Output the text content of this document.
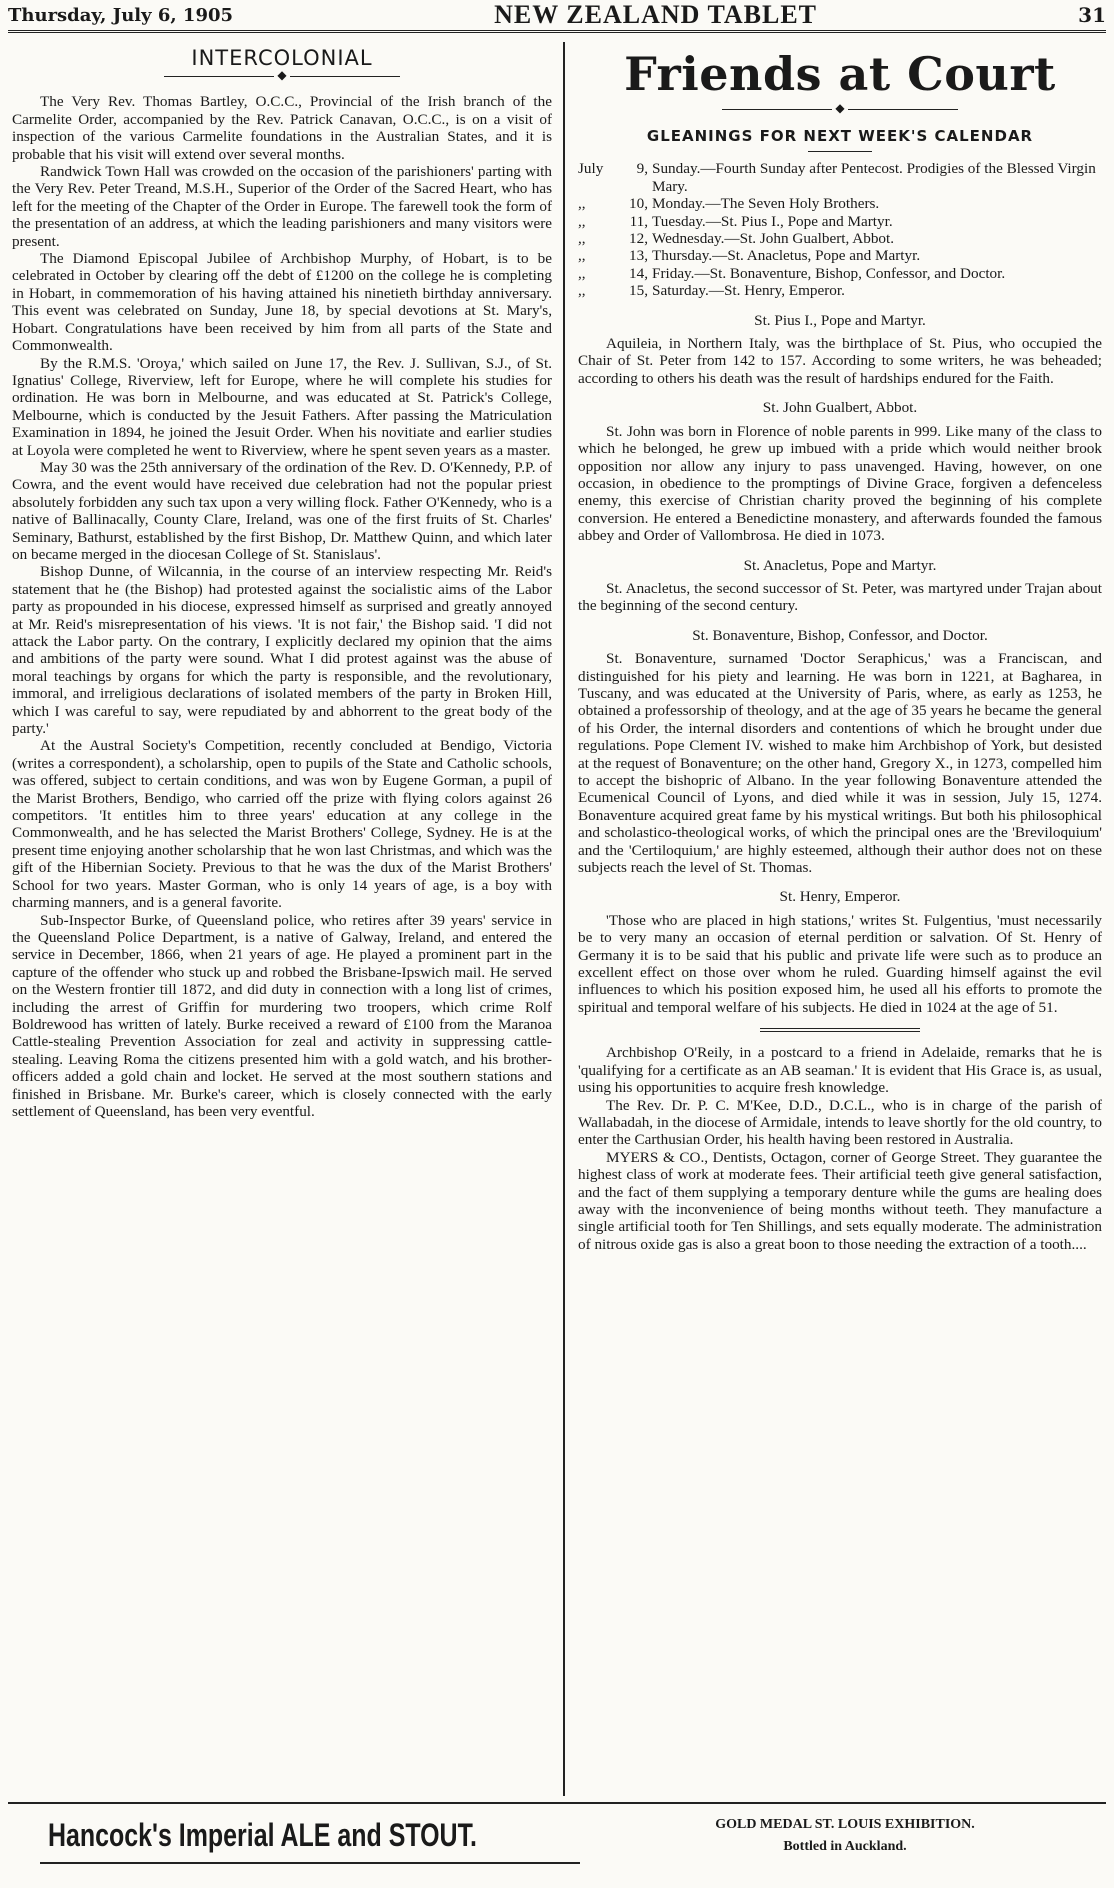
Thursday, July 6, 1905	NEW ZEALAND TABLET	31
INTERCOLONIAL
◆

The Very Rev. Thomas Bartley, O.C.C., Provincial of the Irish branch of the Carmelite Order, accompanied by the Rev. Patrick Canavan, O.C.C., is on a visit of inspection of the various Carmelite foundations in the Australian States, and it is probable that his visit will extend over several months.

Randwick Town Hall was crowded on the occasion of the parishioners' parting with the Very Rev. Peter Treand, M.S.H., Superior of the Order of the Sacred Heart, who has left for the meeting of the Chapter of the Order in Europe. The farewell took the form of the presentation of an address, at which the leading parishioners and many visitors were present.

The Diamond Episcopal Jubilee of Archbishop Murphy, of Hobart, is to be celebrated in October by clearing off the debt of £1200 on the college he is completing in Hobart, in commemoration of his having attained his ninetieth birthday anniversary. This event was celebrated on Sunday, June 18, by special devotions at St. Mary's, Hobart. Congratulations have been received by him from all parts of the State and Commonwealth.

By the R.M.S. 'Oroya,' which sailed on June 17, the Rev. J. Sullivan, S.J., of St. Ignatius' College, Riverview, left for Europe, where he will complete his studies for ordination. He was born in Melbourne, and was educated at St. Patrick's College, Melbourne, which is conducted by the Jesuit Fathers. After passing the Matriculation Examination in 1894, he joined the Jesuit Order. When his novitiate and earlier studies at Loyola were completed he went to Riverview, where he spent seven years as a master.

May 30 was the 25th anniversary of the ordination of the Rev. D. O'Kennedy, P.P. of Cowra, and the event would have received due celebration had not the popular priest absolutely forbidden any such tax upon a very willing flock. Father O'Kennedy, who is a native of Ballinacally, County Clare, Ireland, was one of the first fruits of St. Charles' Seminary, Bathurst, established by the first Bishop, Dr. Matthew Quinn, and which later on became merged in the diocesan College of St. Stanislaus'.

Bishop Dunne, of Wilcannia, in the course of an interview respecting Mr. Reid's statement that he (the Bishop) had protested against the socialistic aims of the Labor party as propounded in his diocese, expressed himself as surprised and greatly annoyed at Mr. Reid's misrepresentation of his views. 'It is not fair,' the Bishop said. 'I did not attack the Labor party. On the contrary, I explicitly declared my opinion that the aims and ambitions of the party were sound. What I did protest against was the abuse of moral teachings by organs for which the party is responsible, and the revolutionary, immoral, and irreligious declarations of isolated members of the party in Broken Hill, which I was careful to say, were repudiated by and abhorrent to the great body of the party.'

At the Austral Society's Competition, recently concluded at Bendigo, Victoria (writes a correspondent), a scholarship, open to pupils of the State and Catholic schools, was offered, subject to certain conditions, and was won by Eugene Gorman, a pupil of the Marist Brothers, Bendigo, who carried off the prize with flying colors against 26 competitors. 'It entitles him to three years' education at any college in the Commonwealth, and he has selected the Marist Brothers' College, Sydney. He is at the present time enjoying another scholarship that he won last Christmas, and which was the gift of the Hibernian Society. Previous to that he was the dux of the Marist Brothers' School for two years. Master Gorman, who is only 14 years of age, is a boy with charming manners, and is a general favorite.

Sub-Inspector Burke, of Queensland police, who retires after 39 years' service in the Queensland Police Department, is a native of Galway, Ireland, and entered the service in December, 1866, when 21 years of age. He played a prominent part in the capture of the offender who stuck up and robbed the Brisbane-Ipswich mail. He served on the Western frontier till 1872, and did duty in connection with a long list of crimes, including the arrest of Griffin for murdering two troopers, which crime Rolf Boldrewood has written of lately. Burke received a reward of £100 from the Maranoa Cattle-stealing Prevention Association for zeal and activity in suppressing cattle-stealing. Leaving Roma the citizens presented him with a gold watch, and his brother-officers added a gold chain and locket. He served at the most southern stations and finished in Brisbane. Mr. Burke's career, which is closely connected with the early settlement of Queensland, has been very eventful.

Friends at Court
◆
GLEANINGS FOR NEXT WEEK'S CALENDAR
July	9, Sunday.—Fourth Sunday after Pentecost. Prodigies of the Blessed Virgin Mary.
,,	10, Monday.—The Seven Holy Brothers.
,,	11, Tuesday.—St. Pius I., Pope and Martyr.
,,	12, Wednesday.—St. John Gualbert, Abbot.
,,	13, Thursday.—St. Anacletus, Pope and Martyr.
,,	14, Friday.—St. Bonaventure, Bishop, Confessor, and Doctor.
,,	15, Saturday.—St. Henry, Emperor.
St. Pius I., Pope and Martyr.

Aquileia, in Northern Italy, was the birthplace of St. Pius, who occupied the Chair of St. Peter from 142 to 157. According to some writers, he was beheaded; according to others his death was the result of hardships endured for the Faith.

St. John Gualbert, Abbot.

St. John was born in Florence of noble parents in 999. Like many of the class to which he belonged, he grew up imbued with a pride which would neither brook opposition nor allow any injury to pass unavenged. Having, however, on one occasion, in obedience to the promptings of Divine Grace, forgiven a defenceless enemy, this exercise of Christian charity proved the beginning of his complete conversion. He entered a Benedictine monastery, and afterwards founded the famous abbey and Order of Vallombrosa. He died in 1073.

St. Anacletus, Pope and Martyr.

St. Anacletus, the second successor of St. Peter, was martyred under Trajan about the beginning of the second century.

St. Bonaventure, Bishop, Confessor, and Doctor.

St. Bonaventure, surnamed 'Doctor Seraphicus,' was a Franciscan, and distinguished for his piety and learning. He was born in 1221, at Bagharea, in Tuscany, and was educated at the University of Paris, where, as early as 1253, he obtained a professorship of theology, and at the age of 35 years he became the general of his Order, the internal disorders and contentions of which he brought under due regulations. Pope Clement IV. wished to make him Archbishop of York, but desisted at the request of Bonaventure; on the other hand, Gregory X., in 1273, compelled him to accept the bishopric of Albano. In the year following Bonaventure attended the Ecumenical Council of Lyons, and died while it was in session, July 15, 1274. Bonaventure acquired great fame by his mystical writings. But both his philosophical and scholastico-theological works, of which the principal ones are the 'Breviloquium' and the 'Certiloquium,' are highly esteemed, although their author does not on these subjects reach the level of St. Thomas.

St. Henry, Emperor.

'Those who are placed in high stations,' writes St. Fulgentius, 'must necessarily be to very many an occasion of eternal perdition or salvation. Of St. Henry of Germany it is to be said that his public and private life were such as to produce an excellent effect on those over whom he ruled. Guarding himself against the evil influences to which his position exposed him, he used all his efforts to promote the spiritual and temporal welfare of his subjects. He died in 1024 at the age of 51.

Archbishop O'Reily, in a postcard to a friend in Adelaide, remarks that he is 'qualifying for a certificate as an AB seaman.' It is evident that His Grace is, as usual, using his opportunities to acquire fresh knowledge.

The Rev. Dr. P. C. M'Kee, D.D., D.C.L., who is in charge of the parish of Wallabadah, in the diocese of Armidale, intends to leave shortly for the old country, to enter the Carthusian Order, his health having been restored in Australia.

MYERS & CO., Dentists, Octagon, corner of George Street. They guarantee the highest class of work at moderate fees. Their artificial teeth give general satisfaction, and the fact of them supplying a temporary denture while the gums are healing does away with the inconvenience of being months without teeth. They manufacture a single artificial tooth for Ten Shillings, and sets equally moderate. The administration of nitrous oxide gas is also a great boon to those needing the extraction of a tooth....

Hancock's Imperial ALE and STOUT.	GOLD MEDAL ST. LOUIS EXHIBITION.
Bottled in Auckland.
